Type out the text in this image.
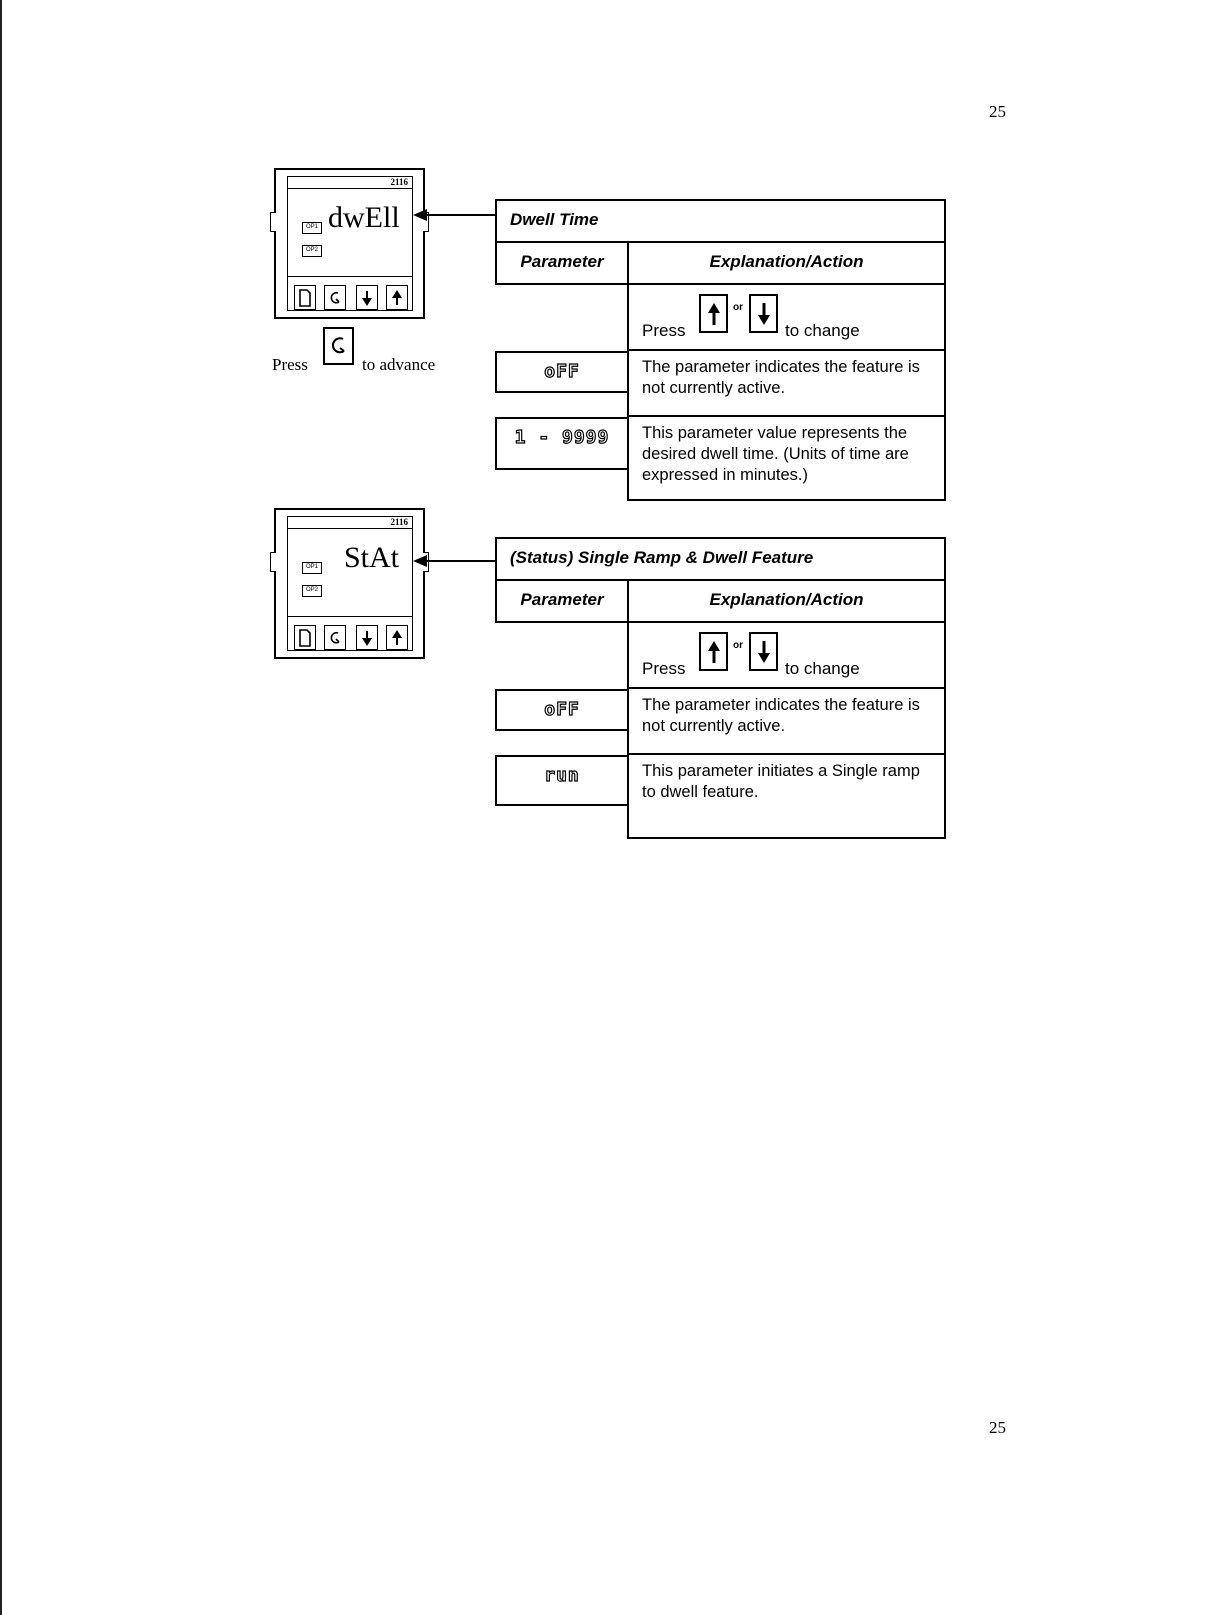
25
25
2116
OP1
OP2
dwEll
Press	to advance
Dwell Time
Parameter	Explanation/Action
Press
or
to change
oFF	The parameter indicates the feature is not currently active.
1 - 9999	This parameter value represents the desired dwell time. (Units of time are expressed in minutes.)
2116
OP1
OP2
StAt	(Status) Single Ramp & Dwell Feature
Parameter	Explanation/Action
Press
or
to change
oFF	The parameter indicates the feature is not currently active.
run	This parameter initiates a Single ramp to dwell feature.
